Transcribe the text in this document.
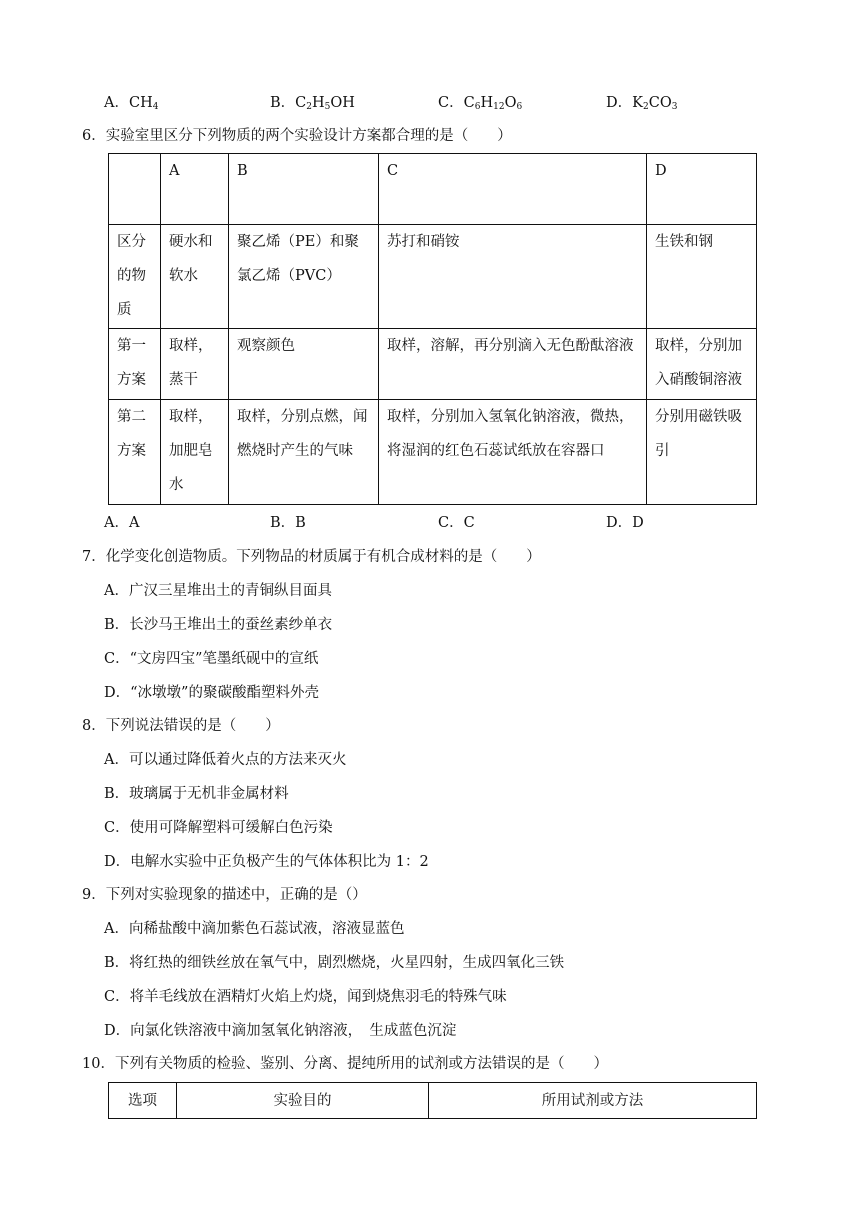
A．$CH_4$	B．$C_2H_5OH$	C．$C_6H_{12}O_6$	D．$K_2CO_3$
6．实验室里区分下列物质的两个实验设计方案都合理的是（　　）
	A	B	C	D
区分的物质	硬水和软水	聚乙烯（PE）和聚氯乙烯（PVC）	苏打和硝铵	生铁和钢
第一方案	取样，蒸干	观察颜色	取样，溶解，再分别滴入无色酚酞溶液	取样，分别加入硝酸铜溶液
第二方案	取样，加肥皂水	取样，分别点燃，闻燃烧时产生的气味	取样，分别加入氢氧化钠溶液，微热，将湿润的红色石蕊试纸放在容器口	分别用磁铁吸引
A．A	B．B	C．C	D．D
7．化学变化创造物质。下列物品的材质属于有机合成材料的是（　　）
A．广汉三星堆出土的青铜纵目面具
B．长沙马王堆出土的蚕丝素纱单衣
C．“文房四宝”笔墨纸砚中的宣纸
D．“冰墩墩”的聚碳酸酯塑料外壳
8．下列说法错误的是（　　）
A．可以通过降低着火点的方法来灭火
B．玻璃属于无机非金属材料
C．使用可降解塑料可缓解白色污染
D．电解水实验中正负极产生的气体体积比为 1：2
9．下列对实验现象的描述中，正确的是（）
A．向稀盐酸中滴加紫色石蕊试液，溶液显蓝色
B．将红热的细铁丝放在氧气中，剧烈燃烧，火星四射，生成四氧化三铁
C．将羊毛线放在酒精灯火焰上灼烧，闻到烧焦羽毛的特殊气味
D．向氯化铁溶液中滴加氢氧化钠溶液，　生成蓝色沉淀
10．下列有关物质的检验、鉴别、分离、提纯所用的试剂或方法错误的是（　　）
选项	实验目的	所用试剂或方法
